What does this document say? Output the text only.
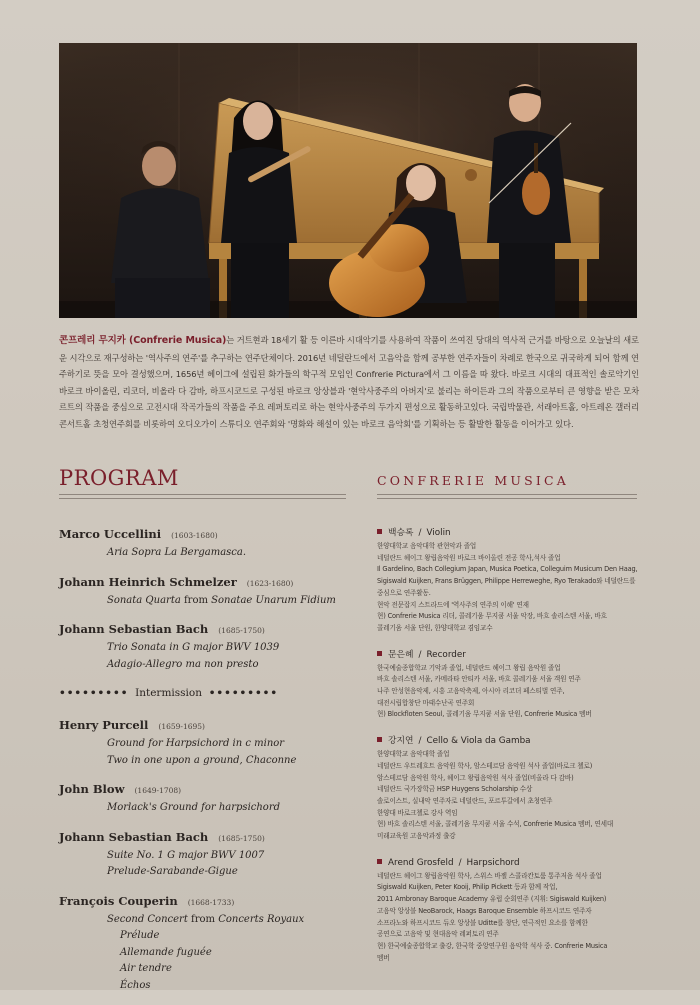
콘프레리 무지카 (Confrerie Musica)는 거트현과 18세기 활 등 이른바 시대악기를 사용하여 작품이 쓰여진 당대의 역사적 근거를 바탕으로 오늘날의 새로운 시각으로 재구성하는 '역사주의 연주'를 추구하는 연주단체이다. 2016년 네덜란드에서 고음악을 함께 공부한 연주자들이 차례로 한국으로 귀국하게 되어 함께 연주하기로 뜻을 모아 결성했으며, 1656년 헤이그에 설립된 화가들의 학구적 모임인 Confrerie Pictura에서 그 이름을 따 왔다. 바로크 시대의 대표적인 솔로악기인 바로크 바이올린, 리코더, 비올라 다 감바, 하프시코드로 구성된 바로크 앙상블과 '현악사중주의 아버지'로 불리는 하이든과 그의 작품으로부터 큰 영향을 받은 모차르트의 작품을 중심으로 고전시대 작곡가들의 작품을 주요 레퍼토리로 하는 현악사중주의 두가지 편성으로 활동하고있다. 국립박물관, 서래아트홀, 아트레온 갤러리 콘서트홀 초청연주회를 비롯하여 오디오가이 스튜디오 연주회와 '명화와 해설이 있는 바로크 음악회'를 기획하는 등 활발한 활동을 이어가고 있다.
PROGRAM	CONFRERIE MUSICA
Marco Uccellini (1603-1680)
Aria Sopra La Bergamasca.
Johann Heinrich Schmelzer (1623-1680)
Sonata Quarta from Sonatae Unarum Fidium
Johann Sebastian Bach (1685-1750)
Trio Sonata in G major BWV 1039
Adagio-Allegro ma non presto
••••••••• Intermission •••••••••
Henry Purcell (1659-1695)
Ground for Harpsichord in c minor
Two in one upon a ground, Chaconne
John Blow (1649-1708)
Morlack's Ground for harpsichord
Johann Sebastian Bach (1685-1750)
Suite No. 1 G major BWV 1007
Prelude-Sarabande-Gigue
François Couperin (1668-1733)
Second Concert from Concerts Royaux
Prélude
Allemande fuguée
Air tendre
Échos
백승록 / Violin
한양대학교 음악대학 관현악과 졸업
네덜란드 헤이그 왕립음악원 바로크 바이올린 전공 학사,석사 졸업
Il Gardelino, Bach Collegium Japan, Musica Poetica, Colleguim Musicum Den Haag,
Sigiswald Kuijken, Frans Brüggen, Philippe Herreweghe, Ryo Terakado와 네덜란드를
중심으로 연주활동.
현악 전문잡지 스트라드에 '역사주의 연주의 이해' 연재
현) Confrerie Musica 리더, 콜레기움 무지쿰 서울 악장, 바흐 솔리스텐 서울, 바흐
콜레기움 서울 단원, 한양대학교 겸임교수
문은혜 / Recorder
한국예술종합학교 기악과 졸업, 네덜란드 헤이그 왕립 음악원 졸업
바흐 솔리스텐 서울, 카메라타 안티카 서울, 바흐 콜레기움 서울 객원 연주
나주 안성현음악제, 시흥 고음악축제, 아시아 리코더 페스티벌 연주,
대전시립합창단 마태수난곡 연주회
현) Blockfloten Seoul, 콜레기움 무지쿰 서울 단원, Confrerie Musica 멤버
강지연 / Cello & Viola da Gamba
한양대학교 음악대학 졸업
네덜란드 우트레흐트 음악원 학사, 암스테르담 음악원 석사 졸업(바로크 첼로)
암스테르담 음악원 학사, 헤이그 왕립음악원 석사 졸업(비올라 다 감바)
네덜란드 국가장학금 HSP Huygens Scholarship 수상
솔로이스트, 실내악 연주자로 네덜란드, 포르투갈에서 초청연주
한양대 바로크첼로 강사 역임
현) 바흐 솔리스텐 서울, 콜레기움 무지쿰 서울 수석, Confrerie Musica 멤버, 연세대
미래교육원 고음악과정 출강
Arend Grosfeld / Harpsichord
네덜란드 헤이그 왕립음악원 학사, 스위스 바젤 스콜라칸토룸 통주저음 석사 졸업
Sigiswald Kuijken, Peter Kooij, Philip Pickett 등과 함께 작업,
2011 Ambronay Baroque Academy 유럽 순회연주 (지휘: Sigiswald Kuijken)
고음악 앙상블 NeoBarock, Haags Baroque Ensemble 하프시코드 연주자
소프라노와 하프시코드 듀오 앙상블 Uditte를 창단, 연극적인 요소를 함께한
공연으로 고음악 및 현대음악 레퍼토리 연주
현) 한국예술종합학교 출강, 한국학 중앙연구원 음악학 석사 중. Confrerie Musica
멤버
